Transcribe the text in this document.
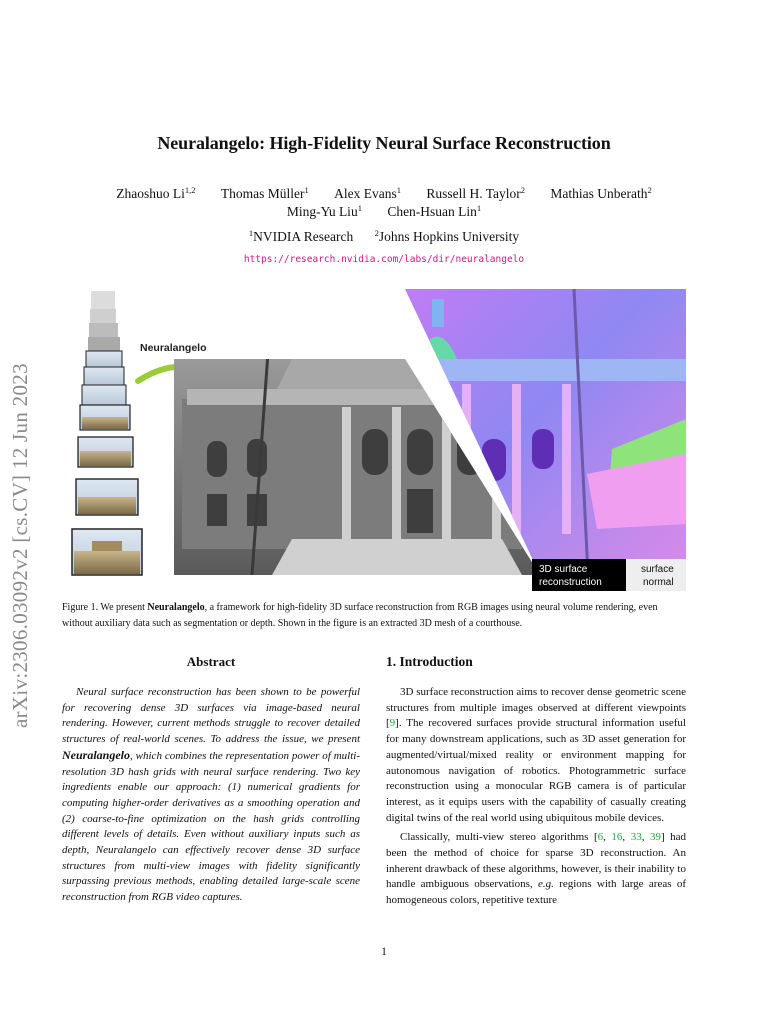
Neuralangelo: High-Fidelity Neural Surface Reconstruction
Zhaoshuo Li$^{1,2}$ Thomas Müller$^1$ Alex Evans$^1$ Russell H. Taylor$^2$ Mathias Unberath$^2$
Ming-Yu Liu$^1$ Chen-Hsuan Lin$^1$
$^1$NVIDIA Research	$^2$Johns Hopkins University
https://research.nvidia.com/labs/dir/neuralangelo
arXiv:2306.03092v2 [cs.CV] 12 Jun 2023
Neuralangelo
3D surface
reconstruction
surface
normal
Figure 1. We present Neuralangelo, a framework for high-fidelity 3D surface reconstruction from RGB images using neural volume rendering, even without auxiliary data such as segmentation or depth. Shown in the figure is an extracted 3D mesh of a courthouse.
Abstract
Neural surface reconstruction has been shown to be powerful for recovering dense 3D surfaces via image-based neural rendering. However, current methods struggle to recover detailed structures of real-world scenes. To address the issue, we present Neuralangelo, which combines the representation power of multi-resolution 3D hash grids with neural surface rendering. Two key ingredients enable our approach: (1) numerical gradients for computing higher-order derivatives as a smoothing operation and (2) coarse-to-fine optimization on the hash grids controlling different levels of details. Even without auxiliary inputs such as depth, Neuralangelo can effectively recover dense 3D surface structures from multi-view images with fidelity significantly surpassing previous methods, enabling detailed large-scale scene reconstruction from RGB video captures.
1. Introduction

3D surface reconstruction aims to recover dense geometric scene structures from multiple images observed at different viewpoints [9]. The recovered surfaces provide structural information useful for many downstream applications, such as 3D asset generation for augmented/virtual/mixed reality or environment mapping for autonomous navigation of robotics. Photogrammetric surface reconstruction using a monocular RGB camera is of particular interest, as it equips users with the capability of casually creating digital twins of the real world using ubiquitous mobile devices.

Classically, multi-view stereo algorithms [6, 16, 33, 39] had been the method of choice for sparse 3D reconstruction. An inherent drawback of these algorithms, however, is their inability to handle ambiguous observations, e.g. regions with large areas of homogeneous colors, repetitive texture

1
